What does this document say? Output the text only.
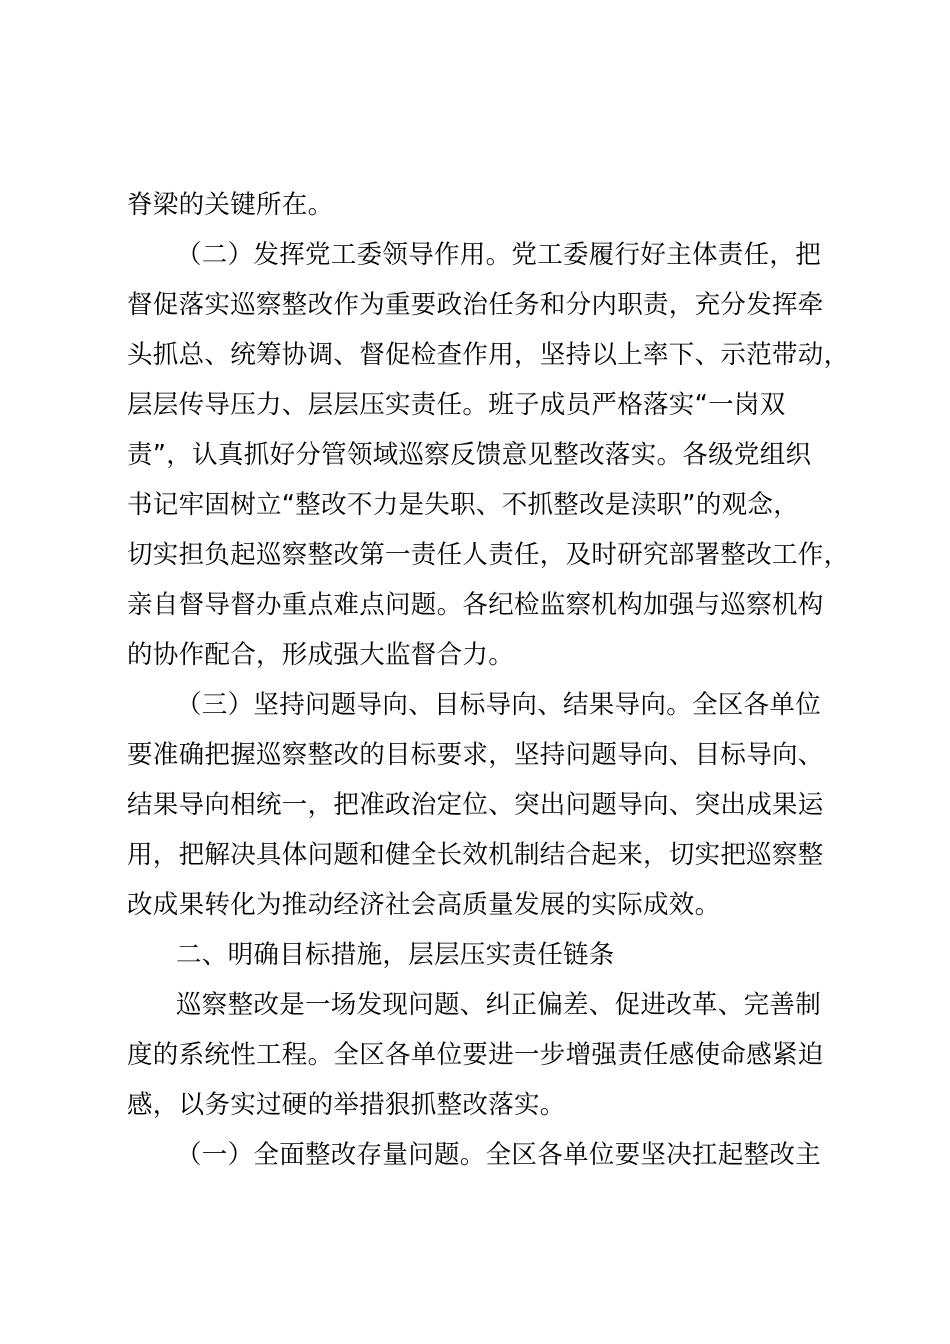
脊梁的关键所在。
（二）发挥党工委领导作用。党工委履行好主体责任，把
督促落实巡察整改作为重要政治任务和分内职责，充分发挥牵
头抓总、统筹协调、督促检查作用，坚持以上率下、示范带动，
层层传导压力、层层压实责任。班子成员严格落实“一岗双
责”，认真抓好分管领域巡察反馈意见整改落实。各级党组织
书记牢固树立“整改不力是失职、不抓整改是渎职”的观念，
切实担负起巡察整改第一责任人责任，及时研究部署整改工作，
亲自督导督办重点难点问题。各纪检监察机构加强与巡察机构
的协作配合，形成强大监督合力。
（三）坚持问题导向、目标导向、结果导向。全区各单位
要准确把握巡察整改的目标要求，坚持问题导向、目标导向、
结果导向相统一，把准政治定位、突出问题导向、突出成果运
用，把解决具体问题和健全长效机制结合起来，切实把巡察整
改成果转化为推动经济社会高质量发展的实际成效。
二、明确目标措施，层层压实责任链条
巡察整改是一场发现问题、纠正偏差、促进改革、完善制
度的系统性工程。全区各单位要进一步增强责任感使命感紧迫
感，以务实过硬的举措狠抓整改落实。
（一）全面整改存量问题。全区各单位要坚决扛起整改主
